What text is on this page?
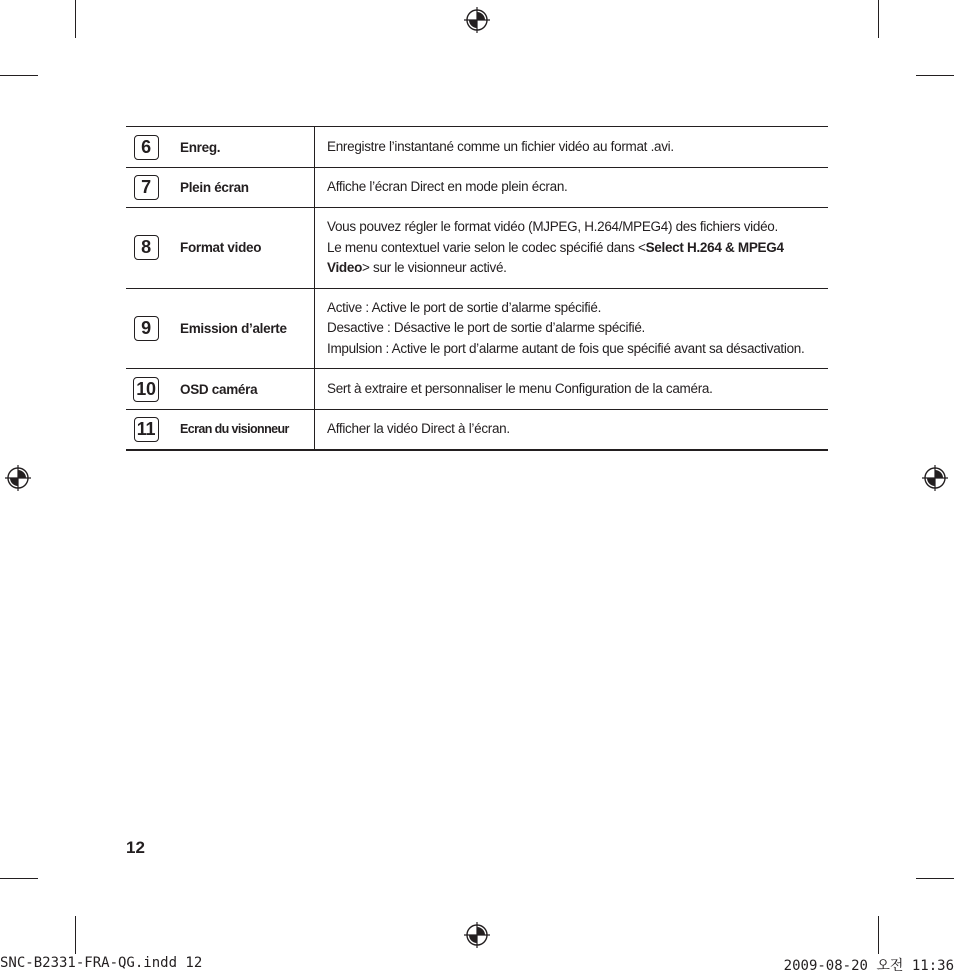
6	Enreg.	Enregistre l’instantané comme un fichier vidéo au format .avi.

7	Plein écran	Affiche l’écran Direct en mode plein écran.

8	Format video	Vous pouvez régler le format vidéo (MJPEG, H.264/MPEG4) des fichiers vidéo.
Le menu contextuel varie selon le codec spécifié dans <Select H.264 & MPEG4 Video> sur le visionneur activé.
9	Emission d’alerte	Active : Active le port de sortie d’alarme spécifié.
Desactive : Désactive le port de sortie d’alarme spécifié.
Impulsion : Active le port d’alarme autant de fois que spécifié avant sa désactivation.

10	OSD caméra	Sert à extraire et personnaliser le menu Configuration de la caméra.

11	Ecran du visionneur	Afficher la vidéo Direct à l’écran.
12
SNC-B2331-FRA-QG.indd 12	2009-08-20 오전 11:36
